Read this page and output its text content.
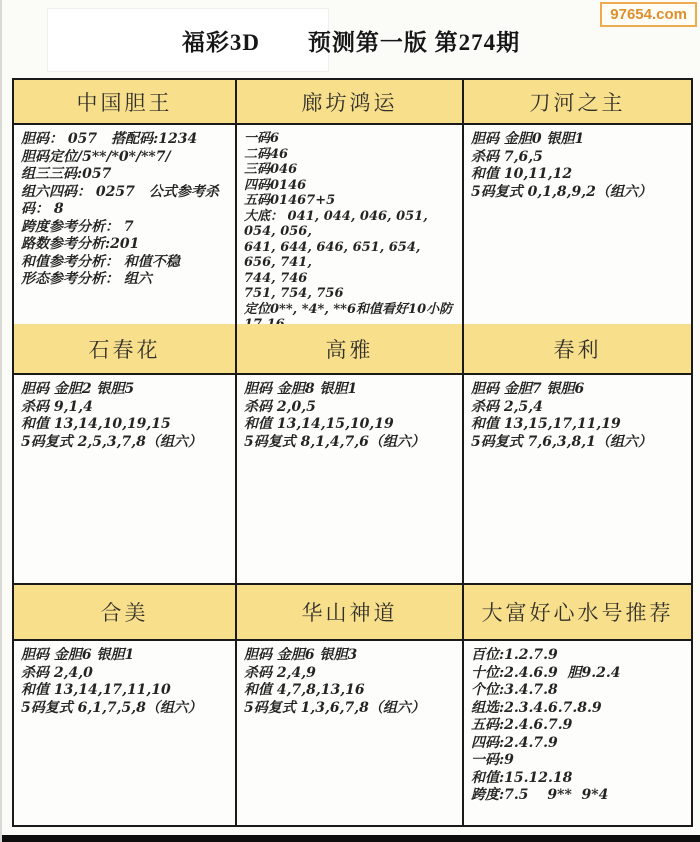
福彩3D　　预测第一版 第274期
97654.com
中国胆王
胆码： 057　搭配码:1234
胆码定位/5**/*0*/**7/
组三三码:057
组六四码： 0257　公式参考杀码： 8
跨度参考分析： 7
路数参考分析:201
和值参考分析： 和值不稳
形态参考分析： 组六
廊坊鸿运
一码6
二码46
三码046
四码0146
五码01467+5
大底： 041, 044, 046, 051, 054, 056,
641, 644, 646, 651, 654, 656, 741,
744, 746
751, 754, 756
定位0**, *4*, **6和值看好10小防
刀河之主
胆码 金胆0 银胆1
杀码 7,6,5
和值 10,11,12
5码复式 0,1,8,9,2（组六）
石春花
胆码 金胆2 银胆5
杀码 9,1,4
和值 13,14,10,19,15
5码复式 2,5,3,7,8（组六）
高雅
胆码 金胆8 银胆1
杀码 2,0,5
和值 13,14,15,10,19
5码复式 8,1,4,7,6（组六）
春利
胆码 金胆7 银胆6
杀码 2,5,4
和值 13,15,17,11,19
5码复式 7,6,3,8,1（组六）
合美
胆码 金胆6 银胆1
杀码 2,4,0
和值 13,14,17,11,10
5码复式 6,1,7,5,8（组六）
华山神道
胆码 金胆6 银胆3
杀码 2,4,9
和值 4,7,8,13,16
5码复式 1,3,6,7,8（组六）
大富好心水号推荐
百位:1.2.7.9
十位:2.4.6.9  胆9.2.4
个位:3.4.7.8
组选:2.3.4.6.7.8.9
五码:2.4.6.7.9
四码:2.4.7.9
一码:9
和值:15.12.18
跨度:7.5　 9**  9*4
